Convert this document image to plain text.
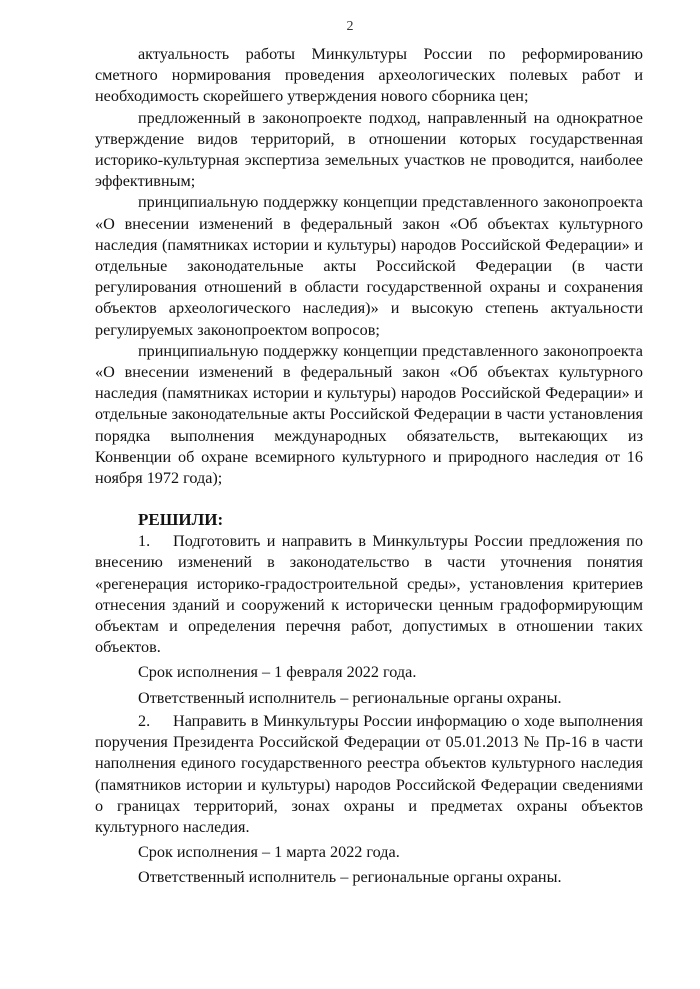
2

актуальность работы Минкультуры России по реформированию сметного нормирования проведения археологических полевых работ и необходимость скорейшего утверждения нового сборника цен;

предложенный в законопроекте подход, направленный на однократное утверждение видов территорий, в отношении которых государственная историко-культурная экспертиза земельных участков не проводится, наиболее эффективным;

принципиальную поддержку концепции представленного законопроекта «О внесении изменений в федеральный закон «Об объектах культурного наследия (памятниках истории и культуры) народов Российской Федерации» и отдельные законодательные акты Российской Федерации (в части регулирования отношений в области государственной охраны и сохранения объектов археологического наследия)» и высокую степень актуальности регулируемых законопроектом вопросов;

принципиальную поддержку концепции представленного законопроекта «О внесении изменений в федеральный закон «Об объектах культурного наследия (памятниках истории и культуры) народов Российской Федерации» и отдельные законодательные акты Российской Федерации в части установления порядка выполнения международных обязательств, вытекающих из Конвенции об охране всемирного культурного и природного наследия от 16 ноября 1972 года);

РЕШИЛИ:

1. Подготовить и направить в Минкультуры России предложения по внесению изменений в законодательство в части уточнения понятия «регенерация историко-градостроительной среды», установления критериев отнесения зданий и сооружений к исторически ценным градоформирующим объектам и определения перечня работ, допустимых в отношении таких объектов.

Срок исполнения – 1 февраля 2022 года.

Ответственный исполнитель – региональные органы охраны.

2. Направить в Минкультуры России информацию о ходе выполнения поручения Президента Российской Федерации от 05.01.2013 № Пр-16 в части наполнения единого государственного реестра объектов культурного наследия (памятников истории и культуры) народов Российской Федерации сведениями о границах территорий, зонах охраны и предметах охраны объектов культурного наследия.

Срок исполнения – 1 марта 2022 года.

Ответственный исполнитель – региональные органы охраны.
